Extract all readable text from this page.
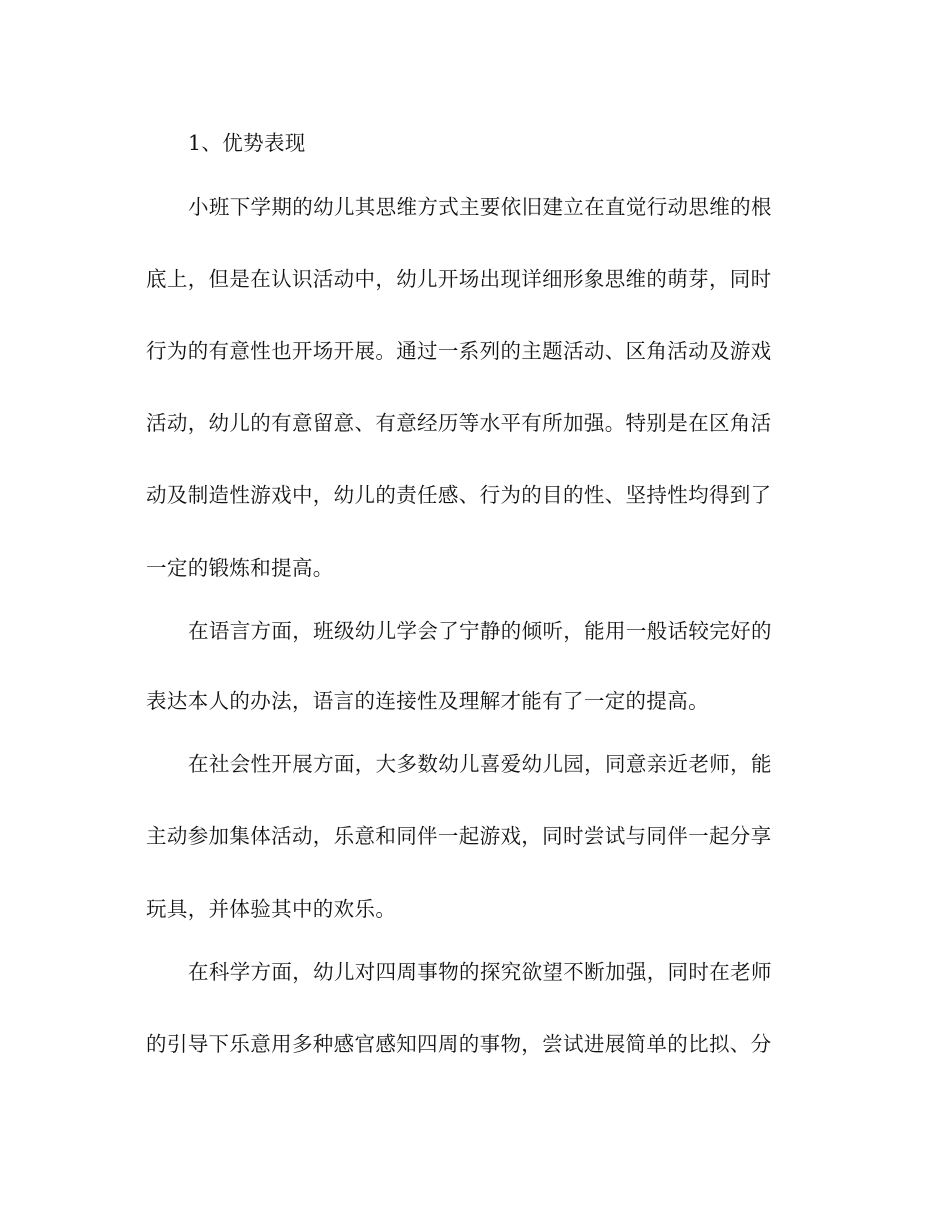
1、优势表现
小班下学期的幼儿其思维方式主要依旧建立在直觉行动思维的根
底上，但是在认识活动中，幼儿开场出现详细形象思维的萌芽，同时
行为的有意性也开场开展。通过一系列的主题活动、区角活动及游戏
活动，幼儿的有意留意、有意经历等水平有所加强。特别是在区角活
动及制造性游戏中，幼儿的责任感、行为的目的性、坚持性均得到了
一定的锻炼和提高。
在语言方面，班级幼儿学会了宁静的倾听，能用一般话较完好的
表达本人的办法，语言的连接性及理解才能有了一定的提高。
在社会性开展方面，大多数幼儿喜爱幼儿园，同意亲近老师，能
主动参加集体活动，乐意和同伴一起游戏，同时尝试与同伴一起分享
玩具，并体验其中的欢乐。
在科学方面，幼儿对四周事物的探究欲望不断加强，同时在老师
的引导下乐意用多种感官感知四周的事物，尝试进展简单的比拟、分
